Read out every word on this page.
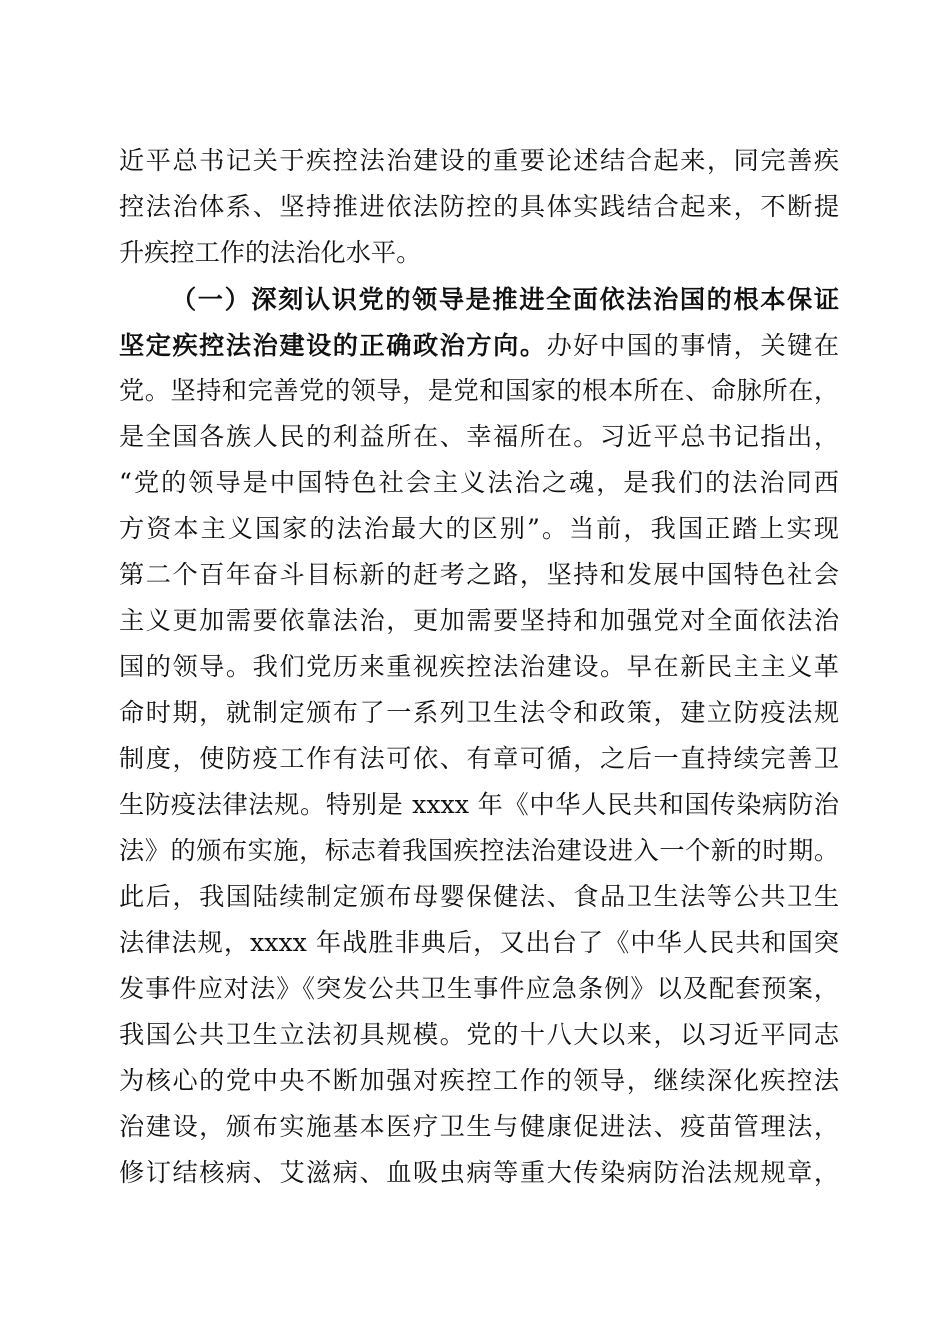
近平总书记关于疾控法治建设的重要论述结合起来，同完善疾
控法治体系、坚持推进依法防控的具体实践结合起来，不断提
升疾控工作的法治化水平。
（一）深刻认识党的领导是推进全面依法治国的根本保证
坚定疾控法治建设的正确政治方向。办好中国的事情，关键在
党。坚持和完善党的领导，是党和国家的根本所在、命脉所在，
是全国各族人民的利益所在、幸福所在。习近平总书记指出，
“党的领导是中国特色社会主义法治之魂，是我们的法治同西
方资本主义国家的法治最大的区别”。当前，我国正踏上实现
第二个百年奋斗目标新的赶考之路，坚持和发展中国特色社会
主义更加需要依靠法治，更加需要坚持和加强党对全面依法治
国的领导。我们党历来重视疾控法治建设。早在新民主主义革
命时期，就制定颁布了一系列卫生法令和政策，建立防疫法规
制度，使防疫工作有法可依、有章可循，之后一直持续完善卫
生防疫法律法规。特别是 xxxx 年《中华人民共和国传染病防治
法》的颁布实施，标志着我国疾控法治建设进入一个新的时期。
此后，我国陆续制定颁布母婴保健法、食品卫生法等公共卫生
法律法规，xxxx 年战胜非典后，又出台了《中华人民共和国突
发事件应对法》《突发公共卫生事件应急条例》以及配套预案，
我国公共卫生立法初具规模。党的十八大以来，以习近平同志
为核心的党中央不断加强对疾控工作的领导，继续深化疾控法
治建设，颁布实施基本医疗卫生与健康促进法、疫苗管理法，
修订结核病、艾滋病、血吸虫病等重大传染病防治法规规章，
